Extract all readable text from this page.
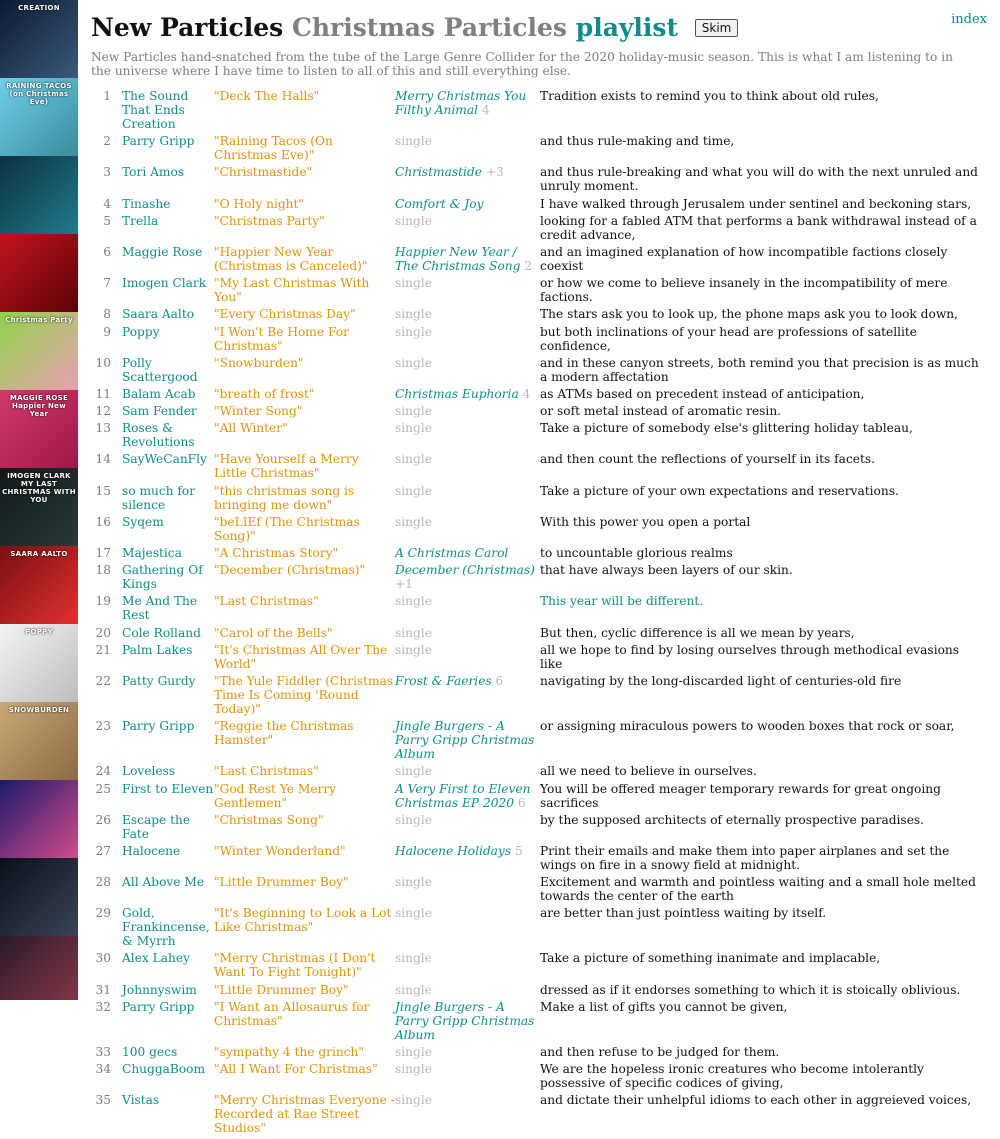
CREATION
RAINING TACOS (on Christmas Eve)
Christmas Party
MAGGIE ROSE Happier New Year
IMOGEN CLARK MY LAST CHRISTMAS WITH YOU
SAARA AALTO
POPPY
SNOWBURDEN
index
New Particles Christmas Particles playlist Skim

New Particles hand-snatched from the tube of the Large Genre Collider for the 2020 holiday-music season. This is what I am listening to in the universe where I have time to listen to all of this and still everything else.

1	The Sound That Ends Creation	"Deck The Halls"	Merry Christmas You Filthy Animal 4	Tradition exists to remind you to think about old rules,
2	Parry Gripp	"Raining Tacos (On Christmas Eve)"	single	and thus rule-making and time,
3	Tori Amos	"Christmastide"	Christmastide +3	and thus rule-breaking and what you will do with the next unruled and unruly moment.
4	Tinashe	"O Holy night"	Comfort & Joy	I have walked through Jerusalem under sentinel and beckoning stars,
5	Trella	"Christmas Party"	single	looking for a fabled ATM that performs a bank withdrawal instead of a credit advance,
6	Maggie Rose	"Happier New Year (Christmas is Canceled)"	Happier New Year / The Christmas Song 2	and an imagined explanation of how incompatible factions closely coexist
7	Imogen Clark	"My Last Christmas With You"	single	or how we come to believe insanely in the incompatibility of mere factions.
8	Saara Aalto	"Every Christmas Day"	single	The stars ask you to look up, the phone maps ask you to look down,
9	Poppy	"I Won't Be Home For Christmas"	single	but both inclinations of your head are professions of satellite confidence,
10	Polly Scattergood	"Snowburden"	single	and in these canyon streets, both remind you that precision is as much a modern affectation
11	Balam Acab	"breath of frost"	Christmas Euphoria 4	as ATMs based on precedent instead of anticipation,
12	Sam Fender	"Winter Song"	single	or soft metal instead of aromatic resin.
13	Roses & Revolutions	"All Winter"	single	Take a picture of somebody else's glittering holiday tableau,
14	SayWeCanFly	"Have Yourself a Merry Little Christmas"	single	and then count the reflections of yourself in its facets.
15	so much for silence	"this christmas song is bringing me down"	single	Take a picture of your own expectations and reservations.
16	Syqem	"beLIEf (The Christmas Song)"	single	With this power you open a portal
17	Majestica	"A Christmas Story"	A Christmas Carol	to uncountable glorious realms
18	Gathering Of Kings	"December (Christmas)"	December (Christmas) +1	that have always been layers of our skin.
19	Me And The Rest	"Last Christmas"	single	This year will be different.
20	Cole Rolland	"Carol of the Bells"	single	But then, cyclic difference is all we mean by years,
21	Palm Lakes	"It's Christmas All Over The World"	single	all we hope to find by losing ourselves through methodical evasions like
22	Patty Gurdy	"The Yule Fiddler (Christmas Time Is Coming 'Round Today)"	Frost & Faeries 6	navigating by the long-discarded light of centuries-old fire
23	Parry Gripp	"Reggie the Christmas Hamster"	Jingle Burgers - A Parry Gripp Christmas Album	or assigning miraculous powers to wooden boxes that rock or soar,
24	Loveless	"Last Christmas"	single	all we need to believe in ourselves.
25	First to Eleven	"God Rest Ye Merry Gentlemen"	A Very First to Eleven Christmas EP 2020 6	You will be offered meager temporary rewards for great ongoing sacrifices
26	Escape the Fate	"Christmas Song"	single	by the supposed architects of eternally prospective paradises.
27	Halocene	"Winter Wonderland"	Halocene Holidays 5	Print their emails and make them into paper airplanes and set the wings on fire in a snowy field at midnight.
28	All Above Me	"Little Drummer Boy"	single	Excitement and warmth and pointless waiting and a small hole melted towards the center of the earth
29	Gold, Frankincense, & Myrrh	"It's Beginning to Look a Lot Like Christmas"	single	are better than just pointless waiting by itself.
30	Alex Lahey	"Merry Christmas (I Don't Want To Fight Tonight)"	single	Take a picture of something inanimate and implacable,
31	Johnnyswim	"Little Drummer Boy"	single	dressed as if it endorses something to which it is stoically oblivious.
32	Parry Gripp	"I Want an Allosaurus for Christmas"	Jingle Burgers - A Parry Gripp Christmas Album	Make a list of gifts you cannot be given,
33	100 gecs	"sympathy 4 the grinch"	single	and then refuse to be judged for them.
34	ChuggaBoom	"All I Want For Christmas"	single	We are the hopeless ironic creatures who become intolerantly possessive of specific codices of giving,
35	Vistas	"Merry Christmas Everyone - Recorded at Rae Street Studios"	single	and dictate their unhelpful idioms to each other in aggreieved voices,
